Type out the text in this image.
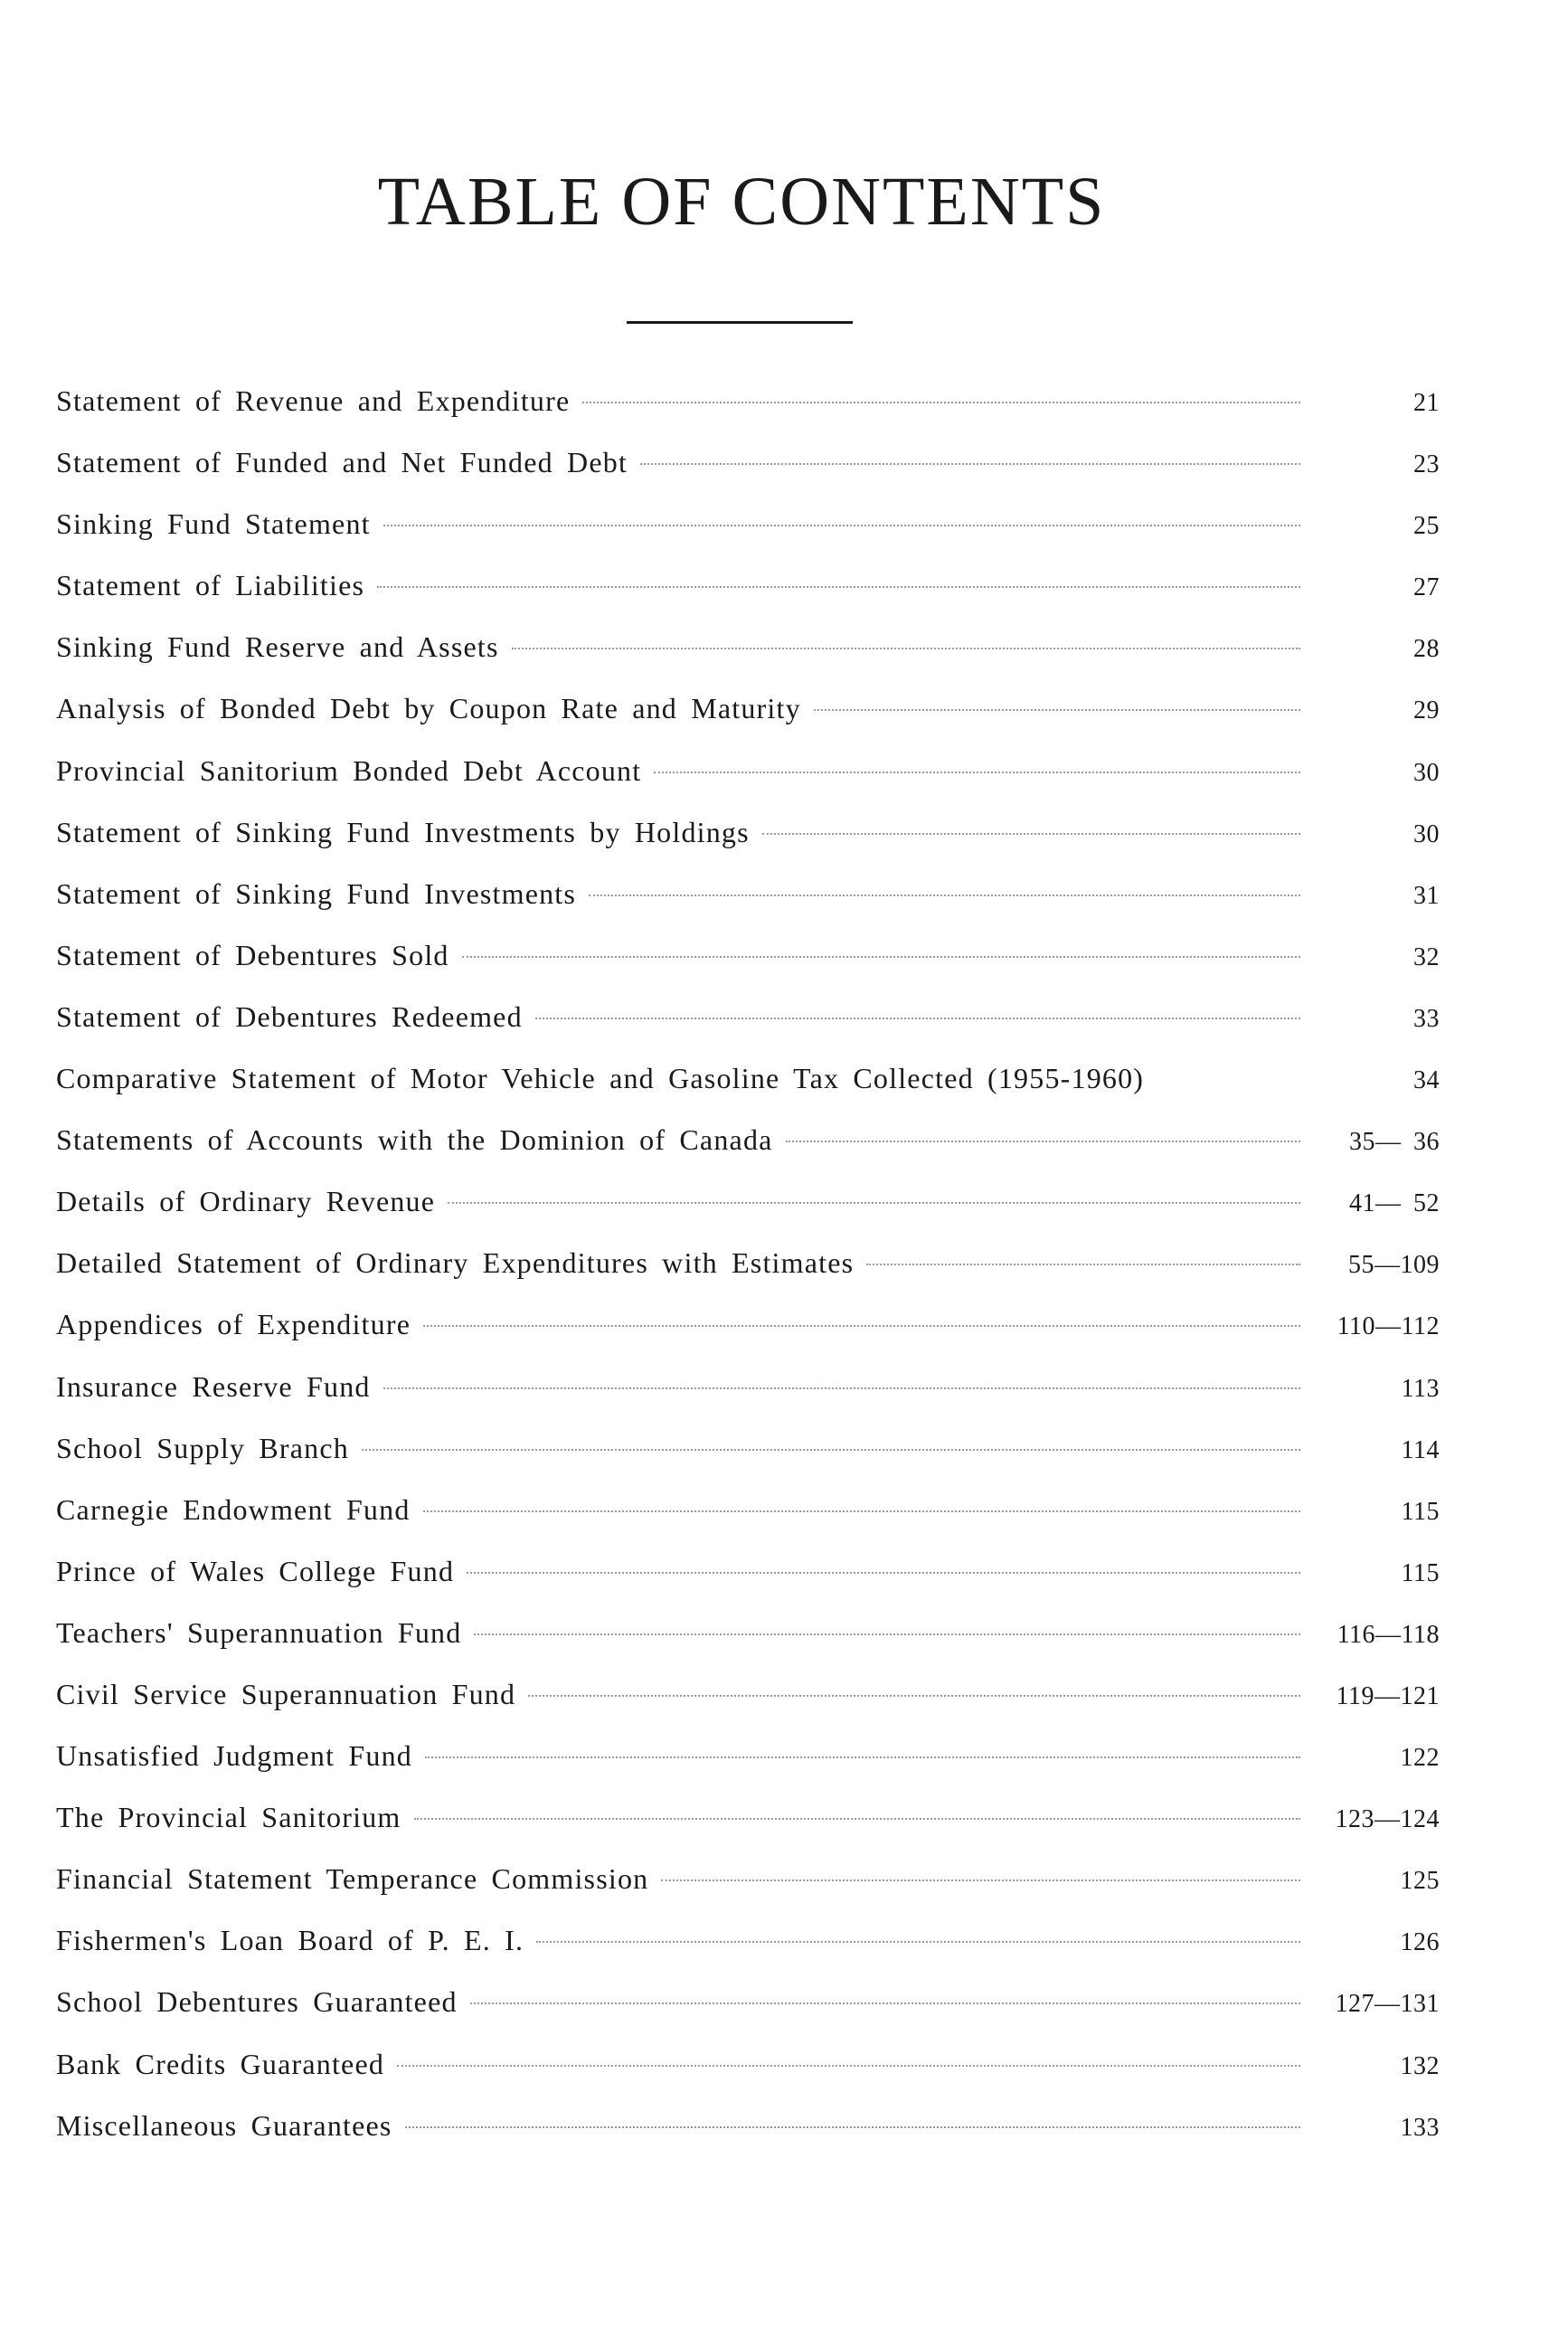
TABLE OF CONTENTS
Statement of Revenue and Expenditure	21
Statement of Funded and Net Funded Debt	23
Sinking Fund Statement	25
Statement of Liabilities	27
Sinking Fund Reserve and Assets	28
Analysis of Bonded Debt by Coupon Rate and Maturity	29
Provincial Sanitorium Bonded Debt Account	30
Statement of Sinking Fund Investments by Holdings	30
Statement of Sinking Fund Investments	31
Statement of Debentures Sold	32
Statement of Debentures Redeemed	33
Comparative Statement of Motor Vehicle and Gasoline Tax Collected (1955-1960)	34
Statements of Accounts with the Dominion of Canada	35— 36
Details of Ordinary Revenue	41— 52
Detailed Statement of Ordinary Expenditures with Estimates	55—109
Appendices of Expenditure	110—112
Insurance Reserve Fund	113
School Supply Branch	114
Carnegie Endowment Fund	115
Prince of Wales College Fund	115
Teachers' Superannuation Fund	116—118
Civil Service Superannuation Fund	119—121
Unsatisfied Judgment Fund	122
The Provincial Sanitorium	123—124
Financial Statement Temperance Commission	125
Fishermen's Loan Board of P. E. I.	126
School Debentures Guaranteed	127—131
Bank Credits Guaranteed	132
Miscellaneous Guarantees	133
